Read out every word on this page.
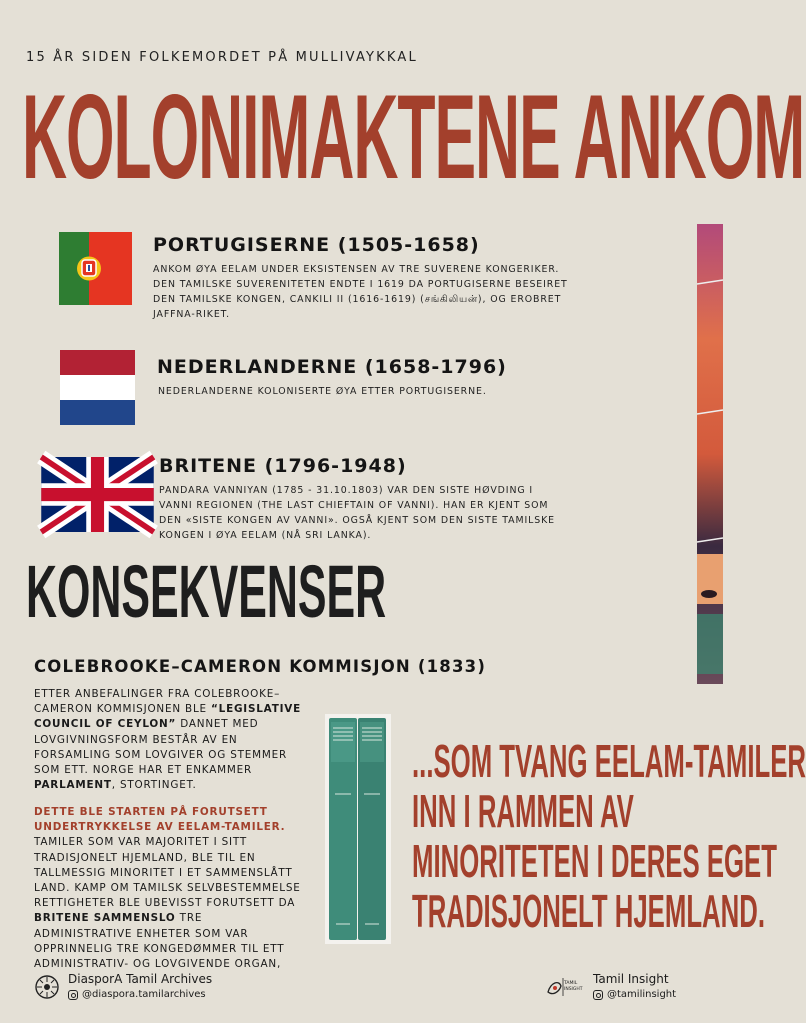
15 ÅR SIDEN FOLKEMORDET PÅ MULLIVAYKKAL
KOLONIMAKTENE ANKOM
PORTUGISERNE (1505-1658)
ANKOM ØYA EELAM UNDER EKSISTENSEN AV TRE SUVERENE KONGERIKER. DEN TAMILSKE SUVERENITETEN ENDTE I 1619 DA PORTUGISERNE BESEIRET DEN TAMILSKE KONGEN, CANKILI II (1616-1619) (சங்கிலியன்), OG EROBRET JAFFNA-RIKET.
NEDERLANDERNE (1658-1796)
NEDERLANDERNE KOLONISERTE ØYA ETTER PORTUGISERNE.
BRITENE (1796-1948)
PANDARA VANNIYAN (1785 - 31.10.1803) VAR DEN SISTE HØVDING I VANNI REGIONEN (THE LAST CHIEFTAIN OF VANNI). HAN ER KJENT SOM DEN «SISTE KONGEN AV VANNI». OGSÅ KJENT SOM DEN SISTE TAMILSKE KONGEN I ØYA EELAM (NÅ SRI LANKA).
KONSEKVENSER
COLEBROOKE–CAMERON KOMMISJON (1833)
ETTER ANBEFALINGER FRA COLEBROOKE–CAMERON KOMMISJONEN BLE “LEGISLATIVE COUNCIL OF CEYLON” DANNET MED LOVGIVNINGSFORM BESTÅR AV EN FORSAMLING SOM LOVGIVER OG STEMMER SOM ETT. NORGE HAR ET ENKAMMER PARLAMENT, STORTINGET.
DETTE BLE STARTEN PÅ FORUTSETT UNDERTRYKKELSE AV EELAM-TAMILER. TAMILER SOM VAR MAJORITET I SITT TRADISJONELT HJEMLAND, BLE TIL EN TALLMESSIG MINORITET I ET SAMMENSLÅTT LAND. KAMP OM TAMILSK SELVBESTEMMELSE RETTIGHETER BLE UBEVISST FORUTSETT DA BRITENE SAMMENSLO TRE ADMINISTRATIVE ENHETER SOM VAR OPPRINNELIG TRE KONGEDØMMER TIL ETT ADMINISTRATIV- OG LOVGIVENDE ORGAN,
...SOM TVANG EELAM-TAMILER
INN I RAMMEN AV
MINORITETEN I DERES EGET
TRADISJONELT HJEMLAND.
DiasporA Tamil Archives
@diaspora.tamilarchives
TAMIL INSIGHT
Tamil Insight
@tamilinsight
